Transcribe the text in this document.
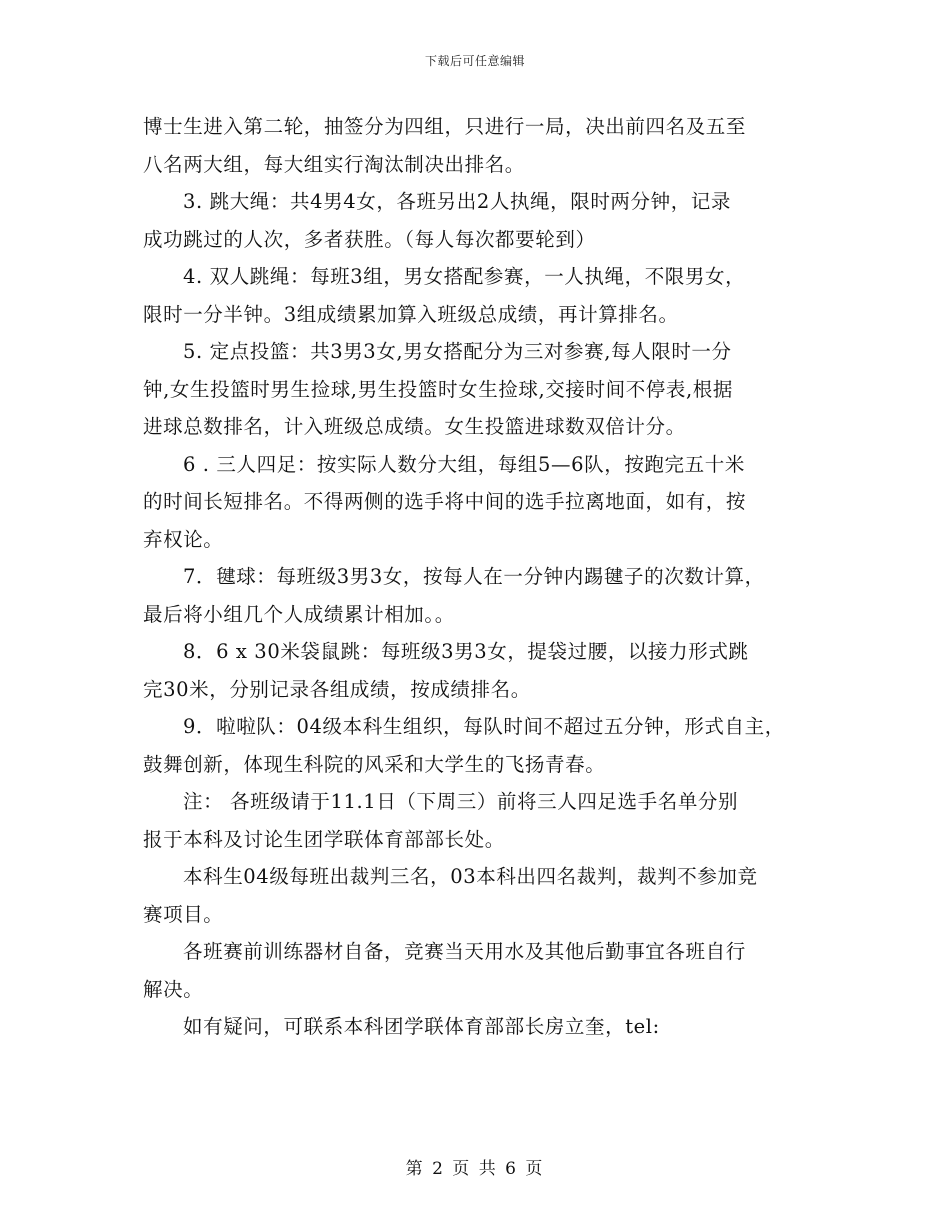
下载后可任意编辑
博士生进入第二轮，抽签分为四组，只进行一局，决出前四名及五至
八名两大组，每大组实行淘汰制决出排名。
3. 跳大绳：共4男4女，各班另出2人执绳，限时两分钟，记录
成功跳过的人次，多者获胜。（每人每次都要轮到）
4. 双人跳绳：每班3组，男女搭配参赛，一人执绳，不限男女，
限时一分半钟。3组成绩累加算入班级总成绩，再计算排名。
5. 定点投篮：共3男3女,男女搭配分为三对参赛,每人限时一分
钟,女生投篮时男生捡球,男生投篮时女生捡球,交接时间不停表,根据
进球总数排名，计入班级总成绩。女生投篮进球数双倍计分。
6 . 三人四足：按实际人数分大组，每组5—6队，按跑完五十米
的时间长短排名。不得两侧的选手将中间的选手拉离地面，如有，按
弃权论。
7．毽球：每班级3男3女，按每人在一分钟内踢毽子的次数计算，
最后将小组几个人成绩累计相加。。
8．6 x 30米袋鼠跳：每班级3男3女，提袋过腰，以接力形式跳
完30米，分别记录各组成绩，按成绩排名。
9．啦啦队：04级本科生组织，每队时间不超过五分钟，形式自主，
鼓舞创新，体现生科院的风采和大学生的飞扬青春。
注： 各班级请于11.1日（下周三）前将三人四足选手名单分别
报于本科及讨论生团学联体育部部长处。
本科生04级每班出裁判三名，03本科出四名裁判，裁判不参加竞
赛项目。
各班赛前训练器材自备，竞赛当天用水及其他后勤事宜各班自行
解决。
如有疑问，可联系本科团学联体育部部长房立奎，tel:
第 2 页 共 6 页
